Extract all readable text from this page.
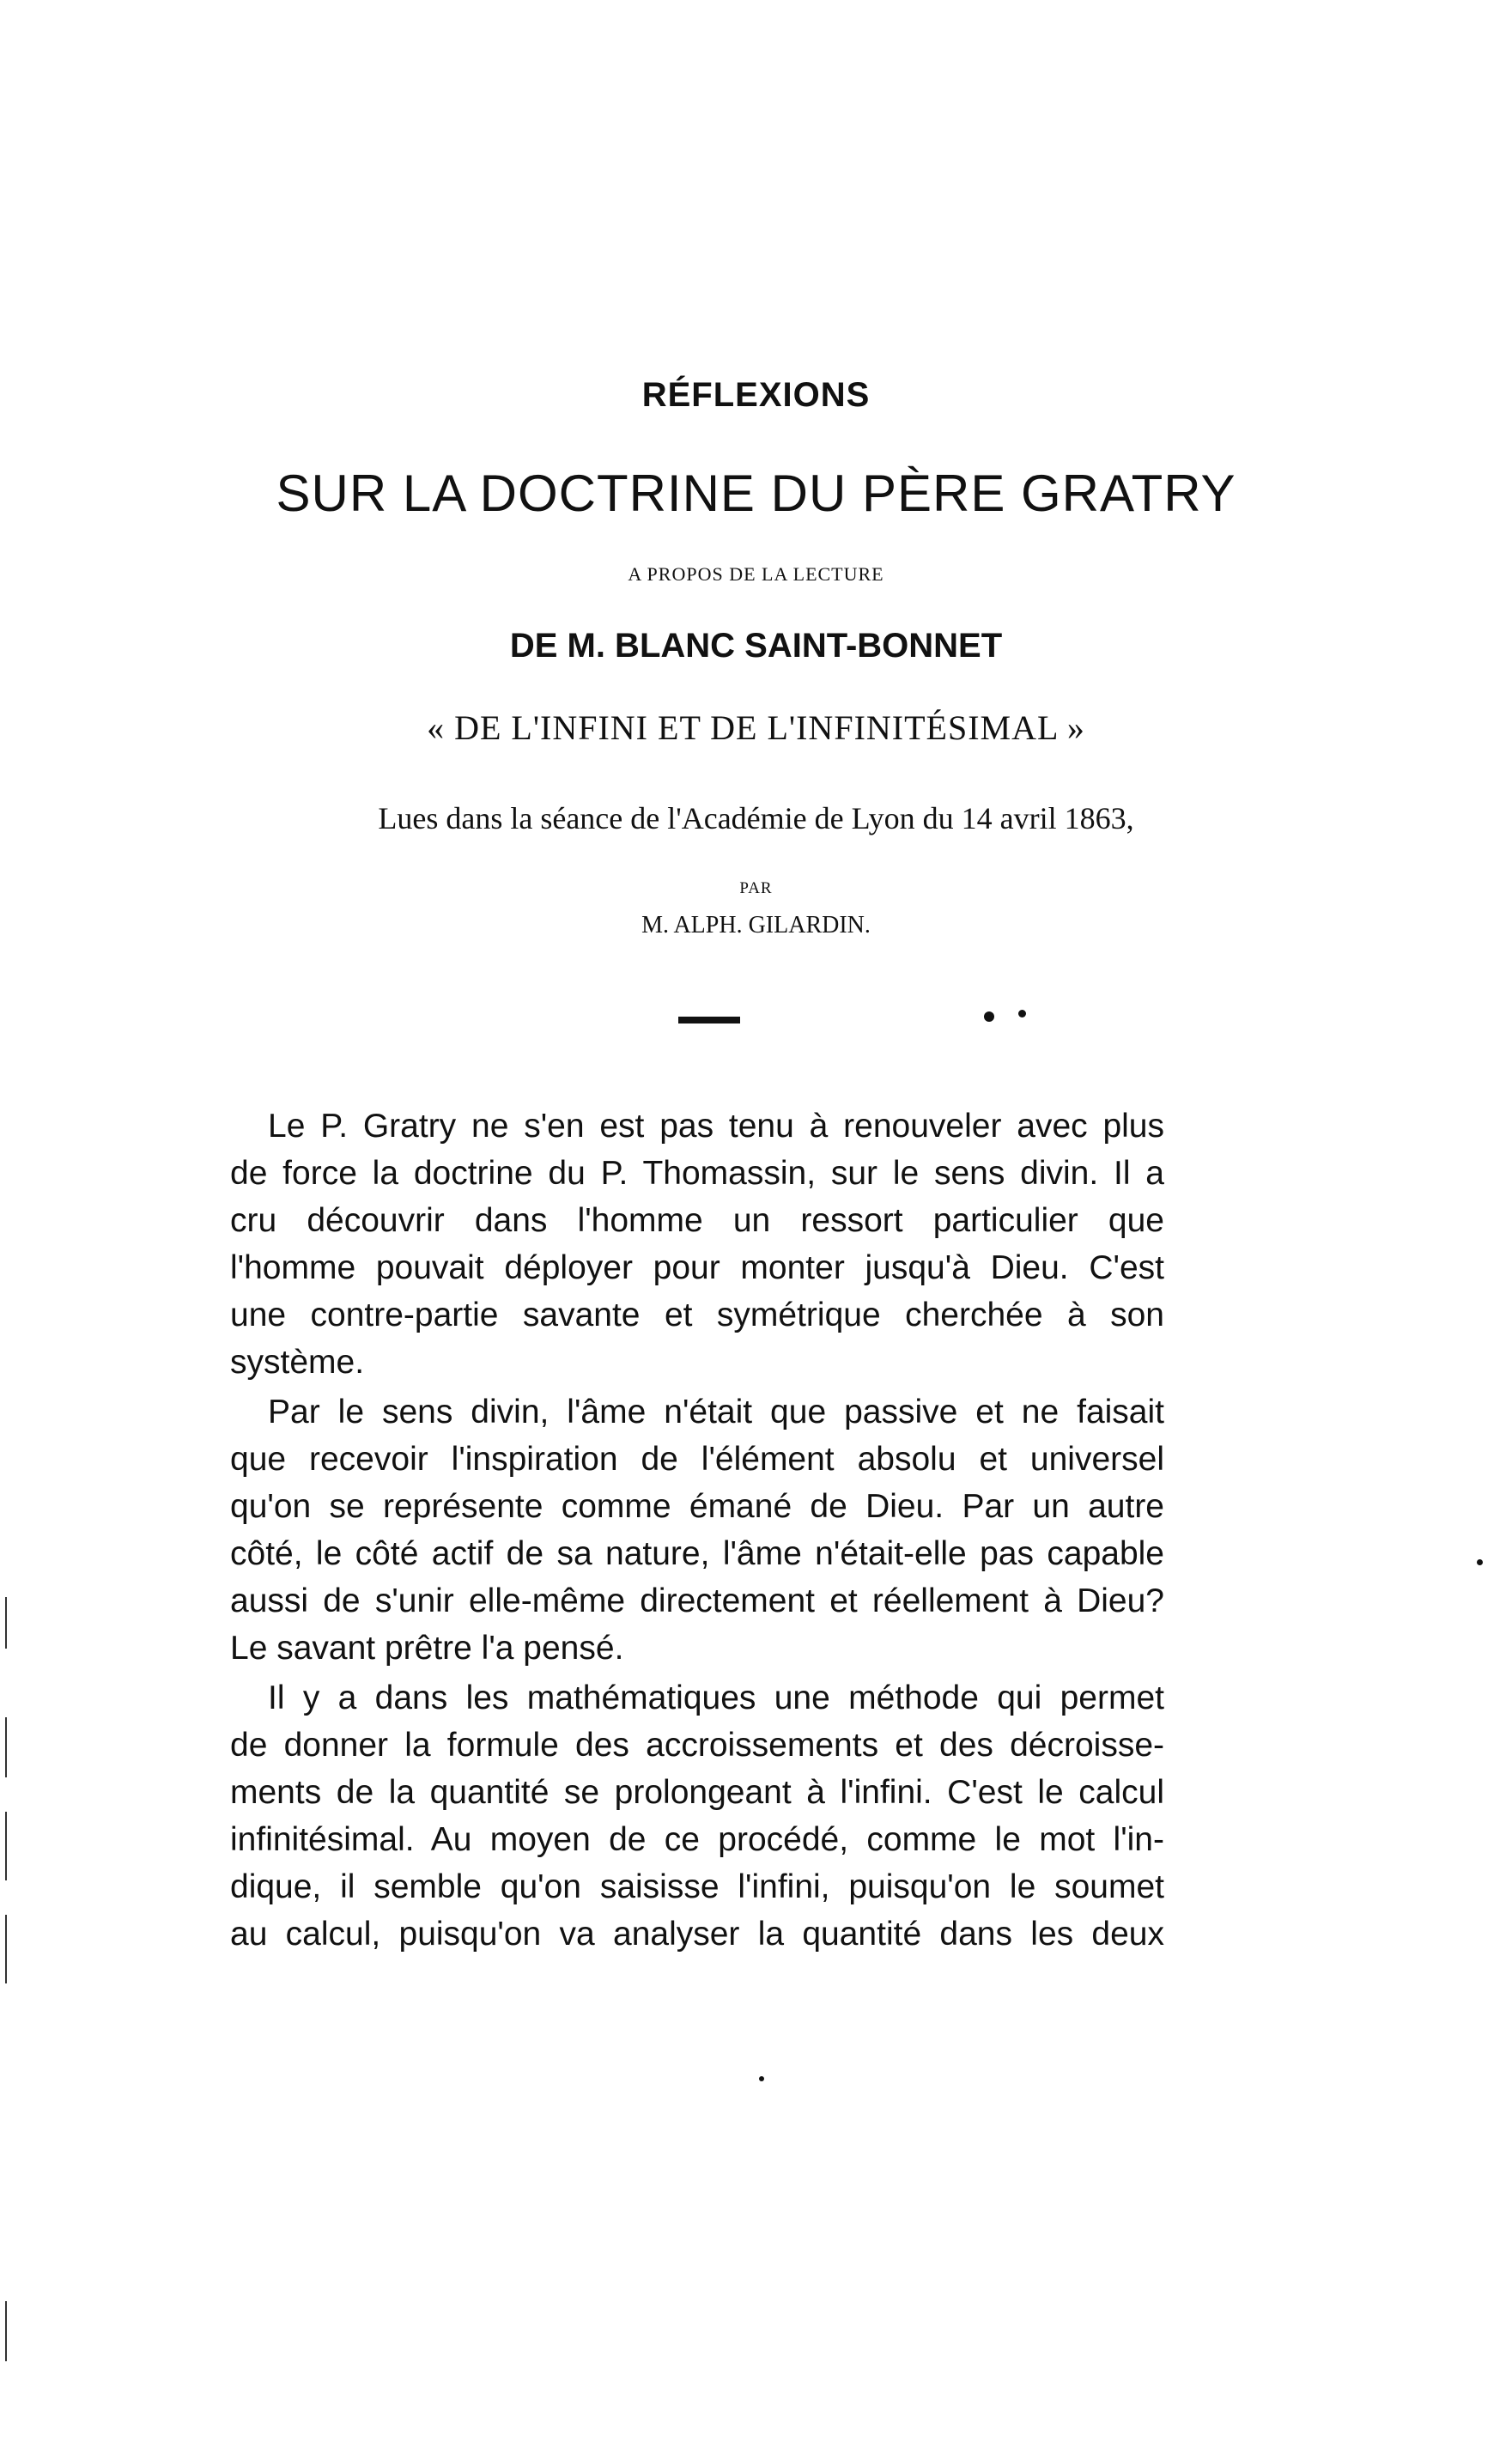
RÉFLEXIONS
SUR LA DOCTRINE DU PÈRE GRATRY
A PROPOS DE LA LECTURE
DE M. BLANC SAINT-BONNET
« DE L'INFINI ET DE L'INFINITÉSIMAL »
Lues dans la séance de l'Académie de Lyon du 14 avril 1863,
PAR
M. ALPH. GILARDIN.
Le P. Gratry ne s'en est pas tenu à renouveler avec plus
de force la doctrine du P. Thomassin, sur le sens divin. Il a
cru découvrir dans l'homme un ressort particulier que
l'homme pouvait déployer pour monter jusqu'à Dieu. C'est
une contre-partie savante et symétrique cherchée à son
système.
Par le sens divin, l'âme n'était que passive et ne faisait
que recevoir l'inspiration de l'élément absolu et universel
qu'on se représente comme émané de Dieu. Par un autre
côté, le côté actif de sa nature, l'âme n'était-elle pas capable
aussi de s'unir elle-même directement et réellement à Dieu?
Le savant prêtre l'a pensé.
Il y a dans les mathématiques une méthode qui permet
de donner la formule des accroissements et des décroisse-
ments de la quantité se prolongeant à l'infini. C'est le calcul
infinitésimal. Au moyen de ce procédé, comme le mot l'in-
dique, il semble qu'on saisisse l'infini, puisqu'on le soumet
au calcul, puisqu'on va analyser la quantité dans les deux
